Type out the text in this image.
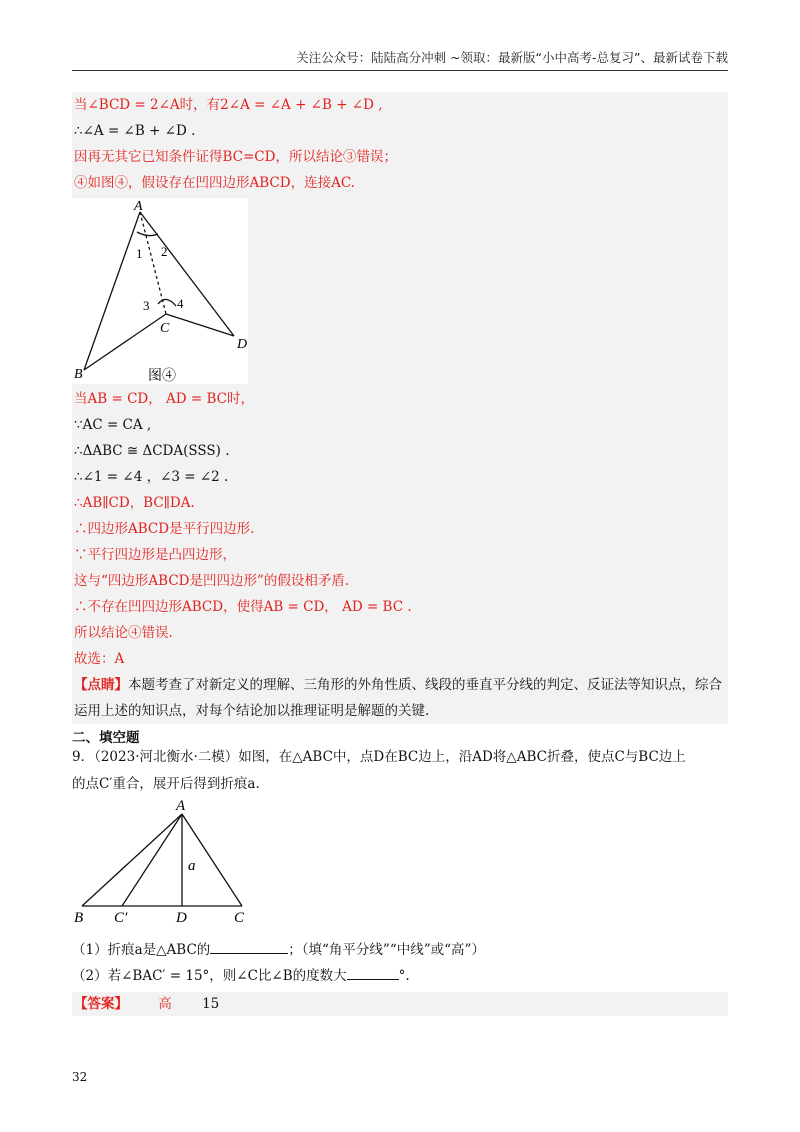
关注公众号：陆陆高分冲刺 ~领取：最新版“小中高考-总复习”、最新试卷下载
当∠BCD = 2∠A时，有2∠A = ∠A + ∠B + ∠D ,
∴∠A = ∠B + ∠D .
因再无其它已知条件证得BC=CD，所以结论③错误；
④如图④，假设存在凹四边形ABCD，连接AC.
A
1 2
3 4
C
D
B	图④
当AB = CD， AD = BC时，
∵AC = CA ,
∴ΔABC ≅ ΔCDA(SSS) .
∴∠1 = ∠4 ，∠3 = ∠2 .
∴AB∥CD，BC∥DA.
∴四边形ABCD是平行四边形.
∵平行四边形是凸四边形，
这与“四边形ABCD是凹四边形”的假设相矛盾.
∴不存在凹四边形ABCD，使得AB = CD， AD = BC .
所以结论④错误.
故选：A
【点睛】本题考查了对新定义的理解、三角形的外角性质、线段的垂直平分线的判定、反证法等知识点，综合运用上述的知识点，对每个结论加以推理证明是解题的关键.
二、填空题
9．（2023·河北衡水·二模）如图，在△ABC中，点D在BC边上，沿AD将△ABC折叠，使点C与BC边上
的点C′重合，展开后得到折痕a.
A
a
B C′	D	C
（1）折痕a是△ABC的	；（填“角平分线”“中线”或“高”）
（2）若∠BAC′ = 15°，则∠C比∠B的度数大	°.
【答案】 高 15
32
